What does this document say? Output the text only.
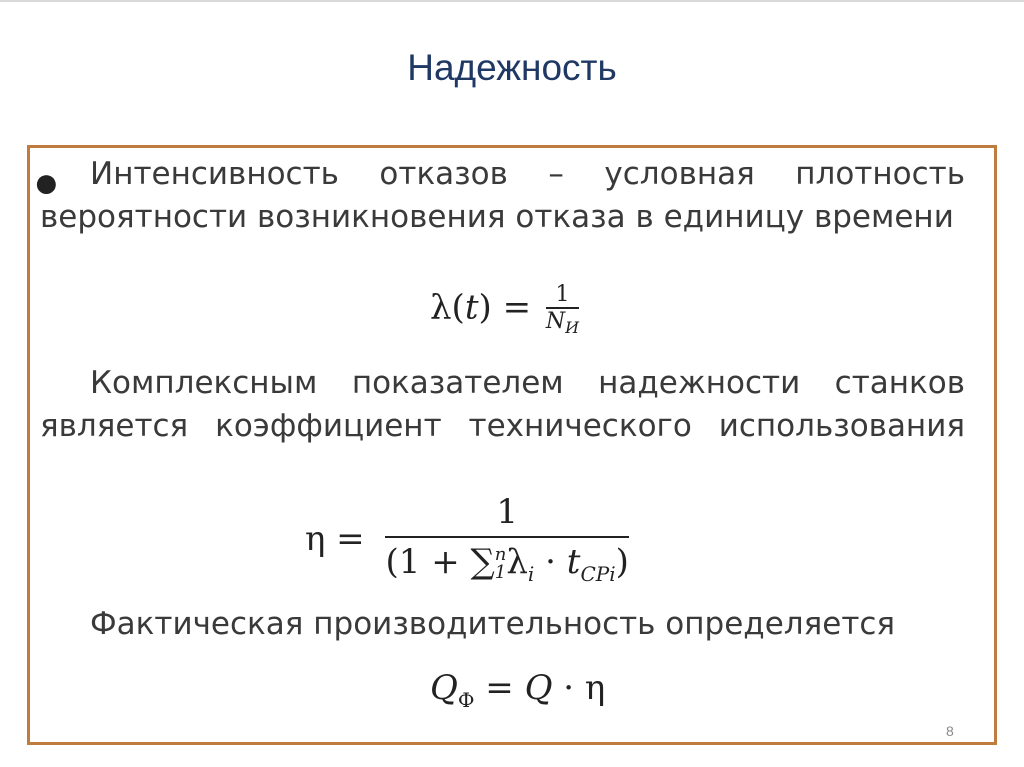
Надежность
● Интенсивность отказов – условная плотность вероятности возникновения отказа в единицу времени
$\lambda(t) = \frac{1}{N_И}$
Комплексным показателем надежности станков является коэффициент технического использования
η = 1
(1 + ∑ n
1 $\lambda_i \cdot t_{CPi}$)
Фактическая производительность определяется
$Q_Ф = Q \cdot \eta$
8
